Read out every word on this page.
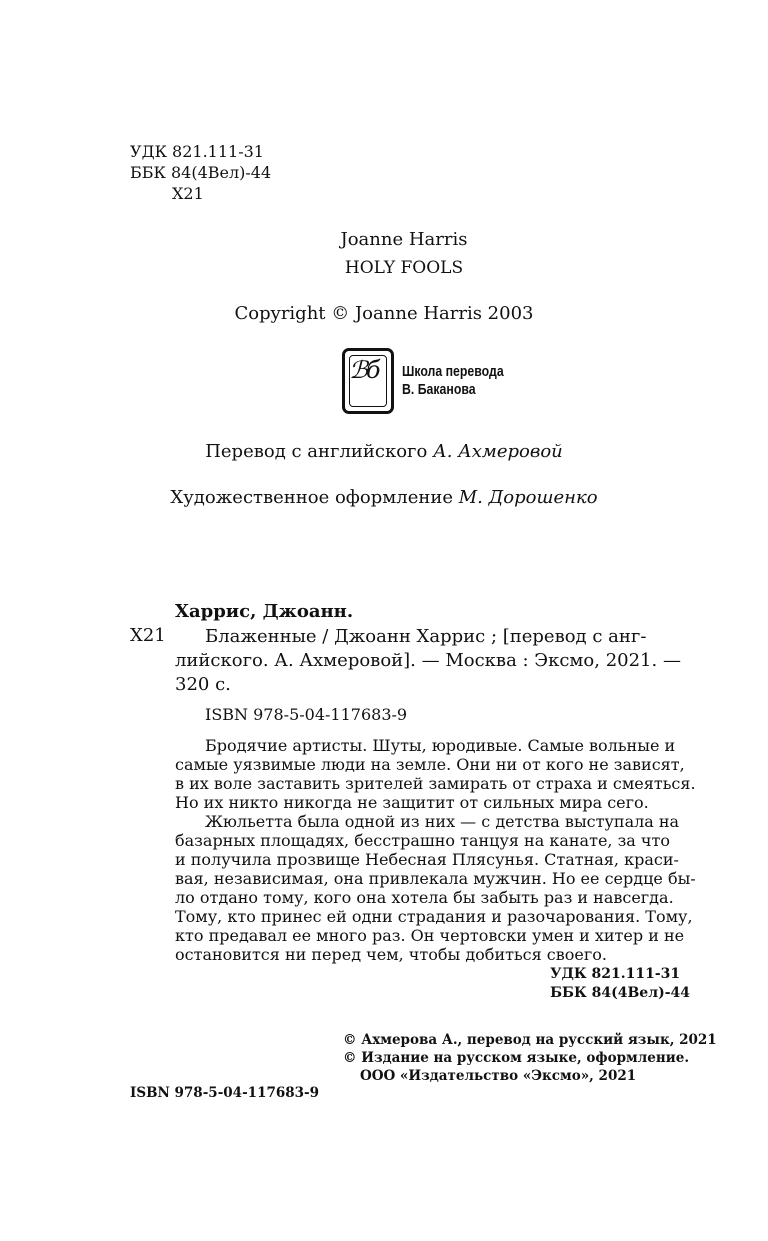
УДК 821.111-31
ББК 84(4Вел)-44
Х21
Joanne Harris
HOLY FOOLS
Copyright © Joanne Harris 2003
ℬб Школа перевода
В. Баканова
Перевод с английского А. Ахмеровой
Художественное оформление М. Дорошенко
Харрис, Джоанн.
Х21	Блаженные / Джоанн Харрис ; [перевод с анг-
лийского. А. Ахмеровой]. — Москва : Эксмо, 2021. —
320 с.
ISBN 978-5-04-117683-9
Бродячие артисты. Шуты, юродивые. Самые вольные и
самые уязвимые люди на земле. Они ни от кого не зависят,
в их воле заставить зрителей замирать от страха и смеяться.
Но их никто никогда не защитит от сильных мира сего.
Жюльетта была одной из них — с детства выступала на
базарных площадях, бесстрашно танцуя на канате, за что
и получила прозвище Небесная Плясунья. Статная, краси-
вая, независимая, она привлекала мужчин. Но ее сердце бы-
ло отдано тому, кого она хотела бы забыть раз и навсегда.
Тому, кто принес ей одни страдания и разочарования. Тому,
кто предавал ее много раз. Он чертовски умен и хитер и не
остановится ни перед чем, чтобы добиться своего.
УДК 821.111-31
ББК 84(4Вел)-44
© Ахмерова А., перевод на русский язык, 2021
© Издание на русском языке, оформление.
ООО «Издательство «Эксмо», 2021
ISBN 978-5-04-117683-9
